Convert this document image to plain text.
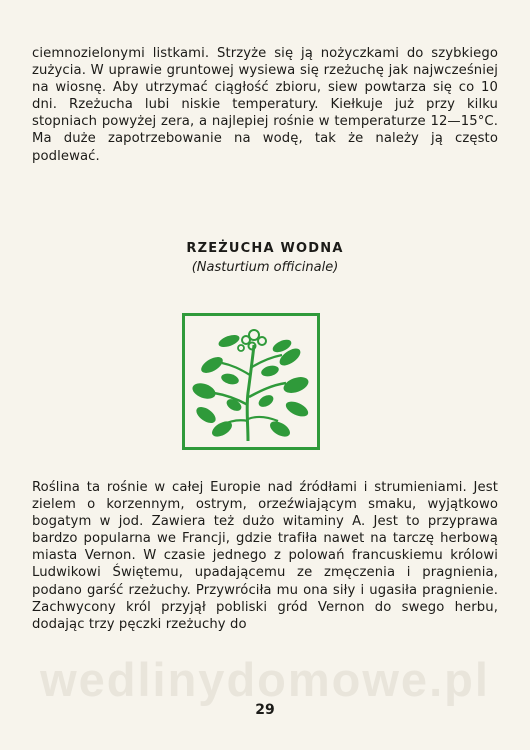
ciemnozielonymi listkami. Strzyże się ją nożyczkami do szybkiego zużycia. W uprawie gruntowej wysiewa się rzeżuchę jak najwcześniej na wiosnę. Aby utrzymać ciągłość zbioru, siew powtarza się co 10 dni. Rzeżucha lubi niskie temperatury. Kiełkuje już przy kilku stopniach powyżej zera, a najlepiej rośnie w temperaturze 12—15°C. Ma duże zapotrzebowanie na wodę, tak że należy ją często podlewać.

RZEŻUCHA WODNA
(Nasturtium officinale)

Roślina ta rośnie w całej Europie nad źródłami i strumieniami. Jest zielem o korzennym, ostrym, orzeźwiającym smaku, wyjątkowo bogatym w jod. Zawiera też dużo witaminy A. Jest to przyprawa bardzo popularna we Francji, gdzie trafiła nawet na tarczę herbową miasta Vernon. W czasie jednego z polowań francuskiemu królowi Ludwikowi Świętemu, upadającemu ze zmęczenia i pragnienia, podano garść rzeżuchy. Przywróciła mu ona siły i ugasiła pragnienie. Zachwycony król przyjął pobliski gród Vernon do swego herbu, dodając trzy pęczki rzeżuchy do

wedlinydomowe.pl
29
